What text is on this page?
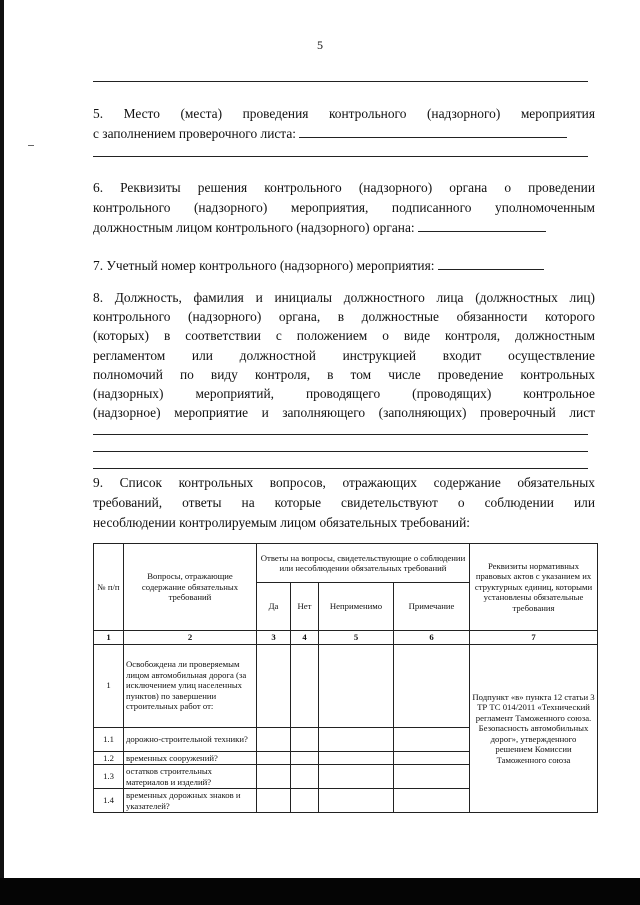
5
5. Место (места) проведения контрольного (надзорного) мероприятия
с заполнением проверочного листа:
6. Реквизиты решения контрольного (надзорного) органа о проведении
контрольного (надзорного) мероприятия, подписанного уполномоченным
должностным лицом контрольного (надзорного) органа:
7. Учетный номер контрольного (надзорного) мероприятия:
8. Должность, фамилия и инициалы должностного лица (должностных лиц)
контрольного (надзорного) органа, в должностные обязанности которого
(которых) в соответствии с положением о виде контроля, должностным
регламентом или должностной инструкцией входит осуществление
полномочий по виду контроля, в том числе проведение контрольных
(надзорных) мероприятий, проводящего (проводящих) контрольное
(надзорное) мероприятие и заполняющего (заполняющих) проверочный лист
9. Список контрольных вопросов, отражающих содержание обязательных
требований, ответы на которые свидетельствуют о соблюдении или
несоблюдении контролируемым лицом обязательных требований:
№ п/п	Вопросы, отражающие содержание обязательных требований	Ответы на вопросы, свидетельствующие о соблюдении или несоблюдении обязательных требований				Реквизиты нормативных правовых актов с указанием их структурных единиц, которыми установлены обязательные требования
		Да	Нет	Неприменимо	Примечание	
1	2	3	4	5	6	7
1	Освобождена ли проверяемым лицом автомобильная дорога (за исключением улиц населенных пунктов) по завершении строительных работ от:					Подпункт «в» пункта 12 статьи 3 ТР ТС 014/2011 «Технический регламент Таможенного союза. Безопасность автомобильных дорог», утвержденного решением Комиссии Таможенного союза
1.1	дорожно-строительной техники?					
1.2	временных сооружений?					
1.3	остатков строительных материалов и изделий?					
1.4	временных дорожных знаков и указателей?					
